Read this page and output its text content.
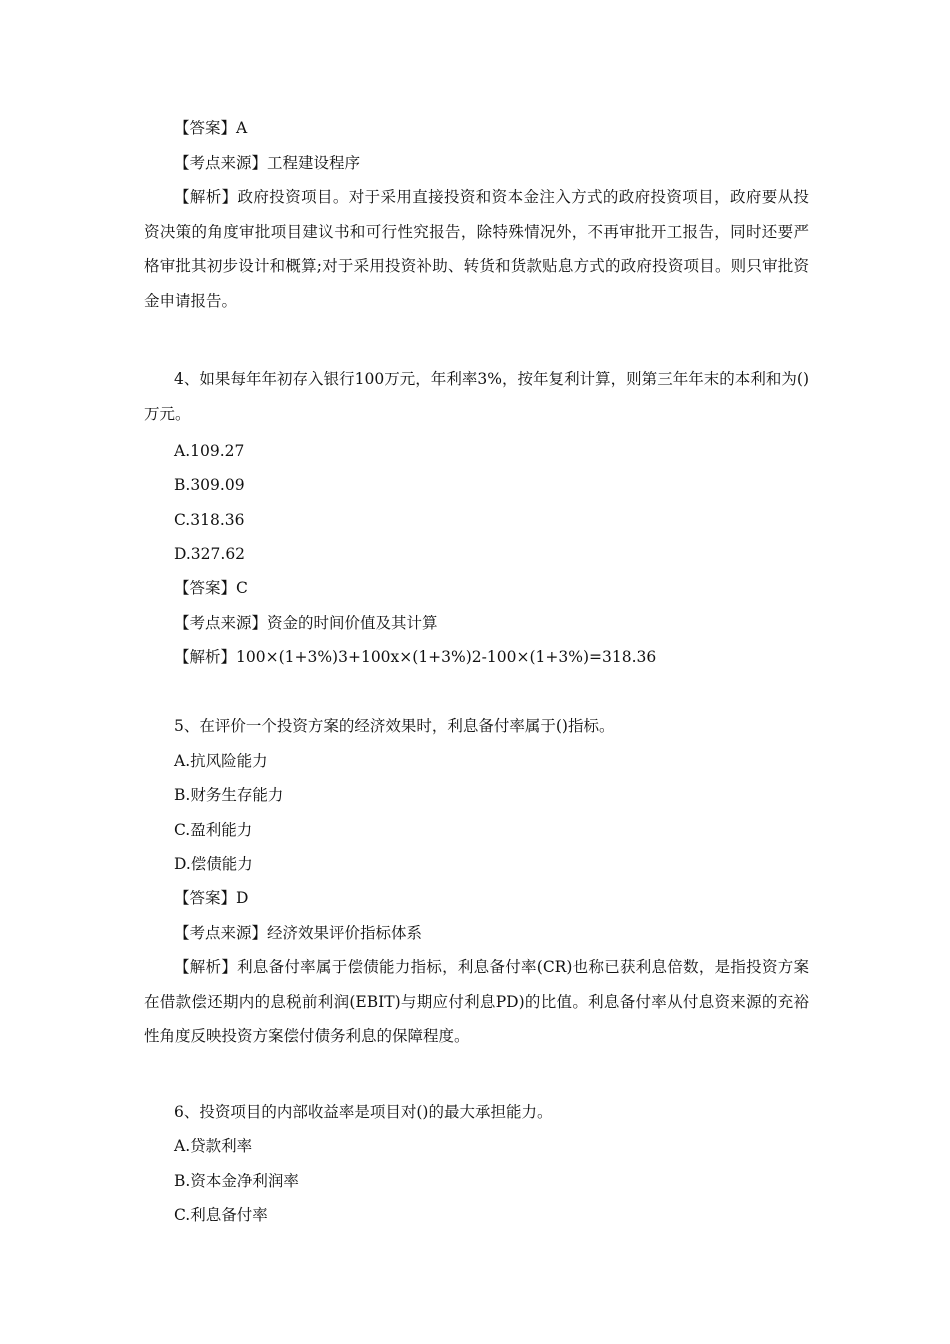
【答案】A
【考点来源】工程建设程序
【解析】政府投资项目。对于采用直接投资和资本金注入方式的政府投资项目，政府要从投资决策的角度审批项目建议书和可行性究报告，除特殊情况外，不再审批开工报告，同时还要严格审批其初步设计和概算;对于采用投资补助、转货和货款贴息方式的政府投资项目。则只审批资金申请报告。
4、如果每年年初存入银行100万元，年利率3%，按年复利计算，则第三年年末的本利和为()万元。
A.109.27
B.309.09
C.318.36
D.327.62
【答案】C
【考点来源】资金的时间价值及其计算
【解析】100×(1+3%)3+100x×(1+3%)2-100×(1+3%)=318.36
5、在评价一个投资方案的经济效果时，利息备付率属于()指标。
A.抗风险能力
B.财务生存能力
C.盈利能力
D.偿债能力
【答案】D
【考点来源】经济效果评价指标体系
【解析】利息备付率属于偿债能力指标，利息备付率(CR)也称已获利息倍数，是指投资方案在借款偿还期内的息税前利润(EBIT)与期应付利息PD)的比值。利息备付率从付息资来源的充裕性角度反映投资方案偿付债务利息的保障程度。
6、投资项目的内部收益率是项目对()的最大承担能力。
A.贷款利率
B.资本金净利润率
C.利息备付率
